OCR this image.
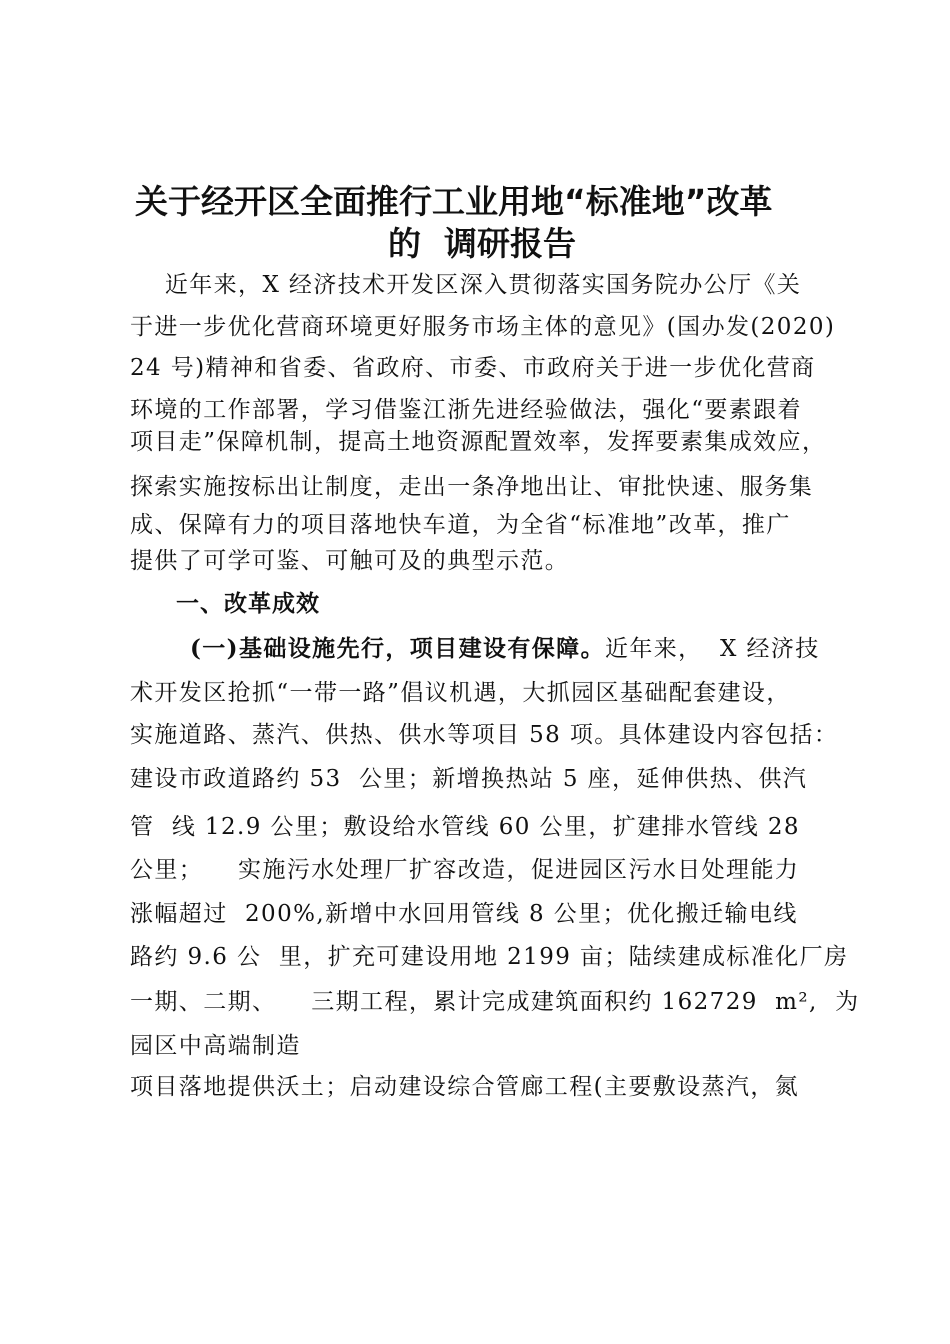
关于经开区全面推行工业用地“标准地”改革
的  调研报告
近年来，X 经济技术开发区深入贯彻落实国务院办公厅《关
于进一步优化营商环境更好服务市场主体的意见》(国办发(2020)
24 号)精神和省委、省政府、市委、市政府关于进一步优化营商
环境的工作部署，学习借鉴江浙先进经验做法，强化“要素跟着
项目走”保障机制，提高土地资源配置效率，发挥要素集成效应，
探索实施按标出让制度，走出一条净地出让、审批快速、服务集
成、保障有力的项目落地快车道，为全省“标准地”改革，推广
提供了可学可鉴、可触可及的典型示范。
一、改革成效
(一)基础设施先行，项目建设有保障。近年来，  X 经济技
术开发区抢抓“一带一路”倡议机遇，大抓园区基础配套建设，
实施道路、蒸汽、供热、供水等项目 58 项。具体建设内容包括：
建设市政道路约 53  公里；新增换热站 5 座，延伸供热、供汽
管  线 12.9 公里；敷设给水管线 60 公里，扩建排水管线 28
公里；    实施污水处理厂扩容改造，促进园区污水日处理能力
涨幅超过  200%,新增中水回用管线 8 公里；优化搬迁输电线
路约 9.6 公  里，扩充可建设用地 2199 亩；陆续建成标准化厂房
一期、二期、    三期工程，累计完成建筑面积约 162729  m²,  为
园区中高端制造
项目落地提供沃土；启动建设综合管廊工程(主要敷设蒸汽，氮
